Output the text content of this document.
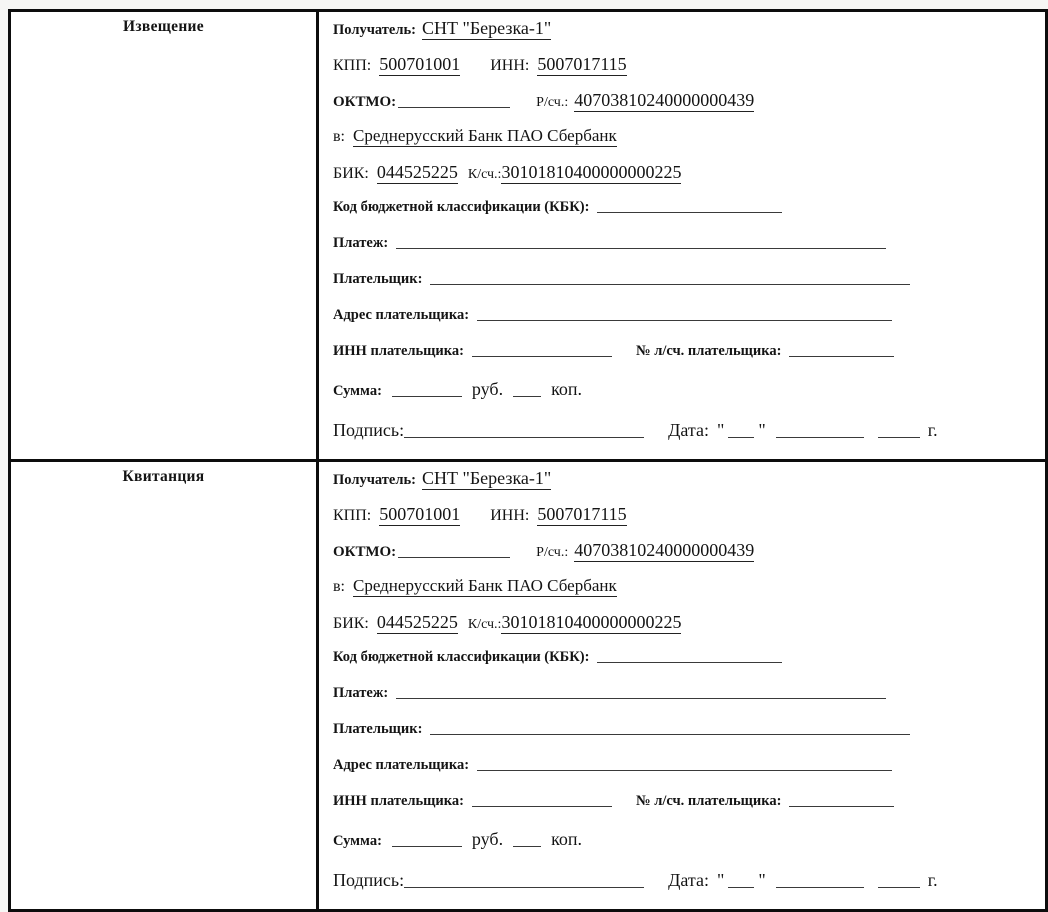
Извещение	Получатель: СНТ "Березка-1"
КПП: 500701001 ИНН: 5007017115
ОКТМО:	Р/сч.: 40703810240000000439
в: Среднерусский Банк ПАО Сбербанк
БИК: 044525225 К/сч.: 30101810400000000225
Код бюджетной классификации (КБК):
Платеж:
Плательщик:
Адрес плательщика:
ИНН плательщика:	№ л/сч. плательщика:
Сумма:	руб.	коп.
Подпись:	Дата: " "	г.
Квитанция	Получатель: СНТ "Березка-1"
КПП: 500701001 ИНН: 5007017115
ОКТМО:	Р/сч.: 40703810240000000439
в: Среднерусский Банк ПАО Сбербанк
БИК: 044525225 К/сч.: 30101810400000000225
Код бюджетной классификации (КБК):
Платеж:
Плательщик:
Адрес плательщика:
ИНН плательщика:	№ л/сч. плательщика:
Сумма:	руб.	коп.
Подпись:	Дата: " "	г.
